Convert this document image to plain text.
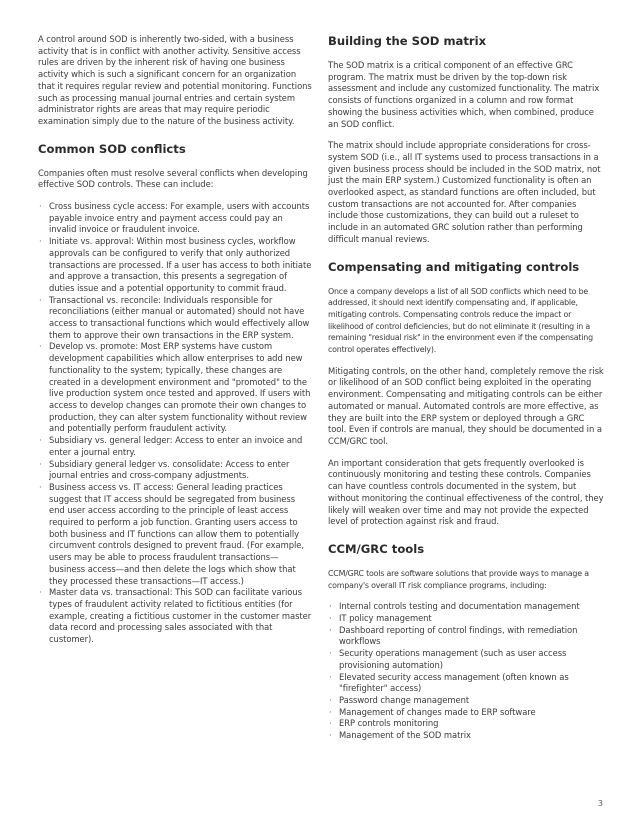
A control around SOD is inherently two-sided, with a business activity that is in conflict with another activity. Sensitive access rules are driven by the inherent risk of having one business activity which is such a significant concern for an organization that it requires regular review and potential monitoring. Functions such as processing manual journal entries and certain system administrator rights are areas that may require periodic examination simply due to the nature of the business activity.

Common SOD conflicts

Companies often must resolve several conflicts when developing effective SOD controls. These can include:

· Cross business cycle access: For example, users with accounts payable invoice entry and payment access could pay an invalid invoice or fraudulent invoice.
· Initiate vs. approval: Within most business cycles, workflow approvals can be configured to verify that only authorized transactions are processed. If a user has access to both initiate and approve a transaction, this presents a segregation of duties issue and a potential opportunity to commit fraud.
· Transactional vs. reconcile: Individuals responsible for reconciliations (either manual or automated) should not have access to transactional functions which would effectively allow them to approve their own transactions in the ERP system.
· Develop vs. promote: Most ERP systems have custom development capabilities which allow enterprises to add new functionality to the system; typically, these changes are created in a development environment and "promoted" to the live production system once tested and approved. If users with access to develop changes can promote their own changes to production, they can alter system functionality without review and potentially perform fraudulent activity.
· Subsidiary vs. general ledger: Access to enter an invoice and enter a journal entry.
· Subsidiary general ledger vs. consolidate: Access to enter journal entries and cross-company adjustments.
· Business access vs. IT access: General leading practices suggest that IT access should be segregated from business end user access according to the principle of least access required to perform a job function. Granting users access to both business and IT functions can allow them to potentially circumvent controls designed to prevent fraud. (For example, users may be able to process fraudulent transactions—business access—and then delete the logs which show that they processed these transactions—IT access.)
· Master data vs. transactional: This SOD can facilitate various types of fraudulent activity related to fictitious entities (for example, creating a fictitious customer in the customer master data record and processing sales associated with that customer).
Building the SOD matrix

The SOD matrix is a critical component of an effective GRC program. The matrix must be driven by the top-down risk assessment and include any customized functionality. The matrix consists of functions organized in a column and row format showing the business activities which, when combined, produce an SOD conflict.

The matrix should include appropriate considerations for cross-system SOD (i.e., all IT systems used to process transactions in a given business process should be included in the SOD matrix, not just the main ERP system.) Customized functionality is often an overlooked aspect, as standard functions are often included, but custom transactions are not accounted for. After companies include those customizations, they can build out a ruleset to include in an automated GRC solution rather than performing difficult manual reviews.

Compensating and mitigating controls

Once a company develops a list of all SOD conflicts which need to be addressed, it should next identify compensating and, if applicable, mitigating controls. Compensating controls reduce the impact or likelihood of control deficiencies, but do not eliminate it (resulting in a remaining "residual risk" in the environment even if the compensating control operates effectively).

Mitigating controls, on the other hand, completely remove the risk or likelihood of an SOD conflict being exploited in the operating environment. Compensating and mitigating controls can be either automated or manual. Automated controls are more effective, as they are built into the ERP system or deployed through a GRC tool. Even if controls are manual, they should be documented in a CCM/GRC tool.

An important consideration that gets frequently overlooked is continuously monitoring and testing these controls. Companies can have countless controls documented in the system, but without monitoring the continual effectiveness of the control, they likely will weaken over time and may not provide the expected level of protection against risk and fraud.

CCM/GRC tools

CCM/GRC tools are software solutions that provide ways to manage a company's overall IT risk compliance programs, including:

· Internal controls testing and documentation management
· IT policy management
· Dashboard reporting of control findings, with remediation workflows
· Security operations management (such as user access provisioning automation)
· Elevated security access management (often known as "firefighter" access)
· Password change management
· Management of changes made to ERP software
· ERP controls monitoring
· Management of the SOD matrix
3
